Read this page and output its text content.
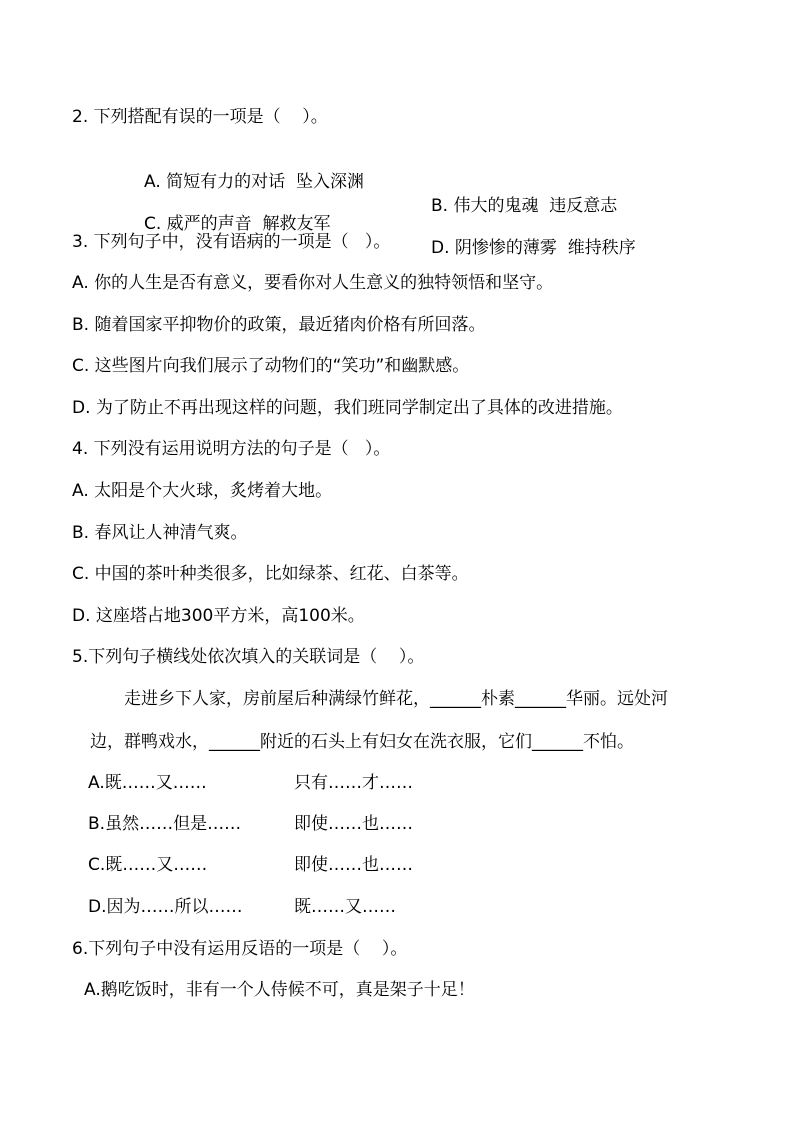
2. 下列搭配有误的一项是（    ）。

A. 简短有力的对话  坠入深渊

B. 伟大的鬼魂  违反意志

C. 威严的声音  解救友军

D. 阴惨惨的薄雾  维持秩序

3. 下列句子中，没有语病的一项是（   ）。
A. 你的人生是否有意义，要看你对人生意义的独特领悟和坚守。
B. 随着国家平抑物价的政策，最近猪肉价格有所回落。
C. 这些图片向我们展示了动物们的“笑功”和幽默感。
D. 为了防止不再出现这样的问题，我们班同学制定出了具体的改进措施。
4. 下列没有运用说明方法的句子是（   ）。
A. 太阳是个大火球，炙烤着大地。
B. 春风让人神清气爽。
C. 中国的茶叶种类很多，比如绿茶、红花、白茶等。
D. 这座塔占地300平方米，高100米。
5.下列句子横线处依次填入的关联词是（    ）。
走进乡下人家，房前屋后种满绿竹鲜花，______朴素______华丽。远处河
边，群鸭戏水，______附近的石头上有妇女在洗衣服，它们______不怕。
A.既……又……	只有……才……
B.虽然……但是……	即使……也……
C.既……又……	即使……也……
D.因为……所以……	既……又……
6.下列句子中没有运用反语的一项是（    ）。
A.鹅吃饭时，非有一个人侍候不可，真是架子十足！
